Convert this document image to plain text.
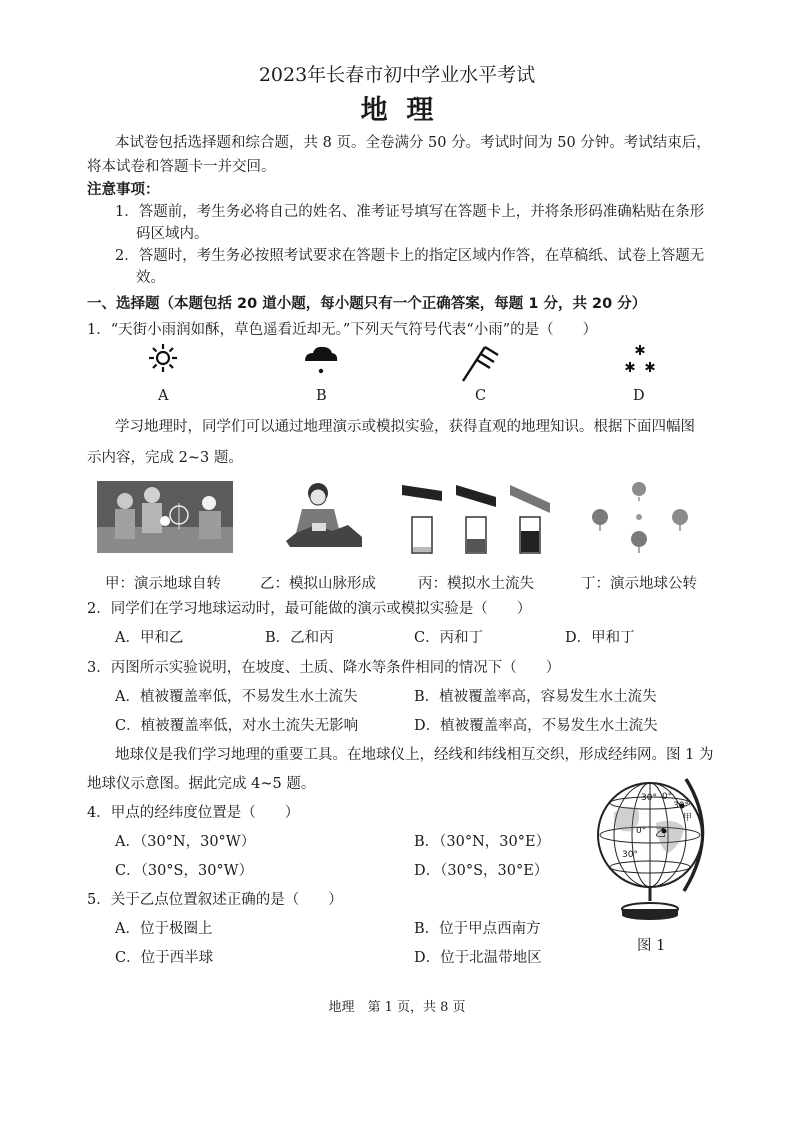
2023年长春市初中学业水平考试
地  理
本试卷包括选择题和综合题，共 8 页。全卷满分 50 分。考试时间为 50 分钟。考试结束后，
将本试卷和答题卡一并交回。
注意事项：
1．答题前，考生务必将自己的姓名、准考证号填写在答题卡上，并将条形码准确粘贴在条形
码区域内。
2．答题时，考生务必按照考试要求在答题卡上的指定区域内作答，在草稿纸、试卷上答题无
效。
一、选择题（本题包括 20 道小题，每小题只有一个正确答案，每题 1 分，共 20 分）
1．“天街小雨润如酥，草色遥看近却无。”下列天气符号代表“小雨”的是（　　）
A	B	C	D
学习地理时，同学们可以通过地理演示或模拟实验，获得直观的地理知识。根据下面四幅图
示内容，完成 2~3 题。
甲：演示地球自转	乙：模拟山脉形成	丙：模拟水土流失	丁：演示地球公转
2．同学们在学习地球运动时，最可能做的演示或模拟实验是（　　）
A．甲和乙	B．乙和丙	C．丙和丁	D．甲和丁
3．丙图所示实验说明，在坡度、土质、降水等条件相同的情况下（　　）
A．植被覆盖率低，不易发生水土流失	B．植被覆盖率高，容易发生水土流失
C．植被覆盖率低，对水土流失无影响	D．植被覆盖率高，不易发生水土流失
地球仪是我们学习地理的重要工具。在地球仪上，经线和纬线相互交织，形成经纬网。图 1 为
地球仪示意图。据此完成 4~5 题。
4．甲点的经纬度位置是（　　）
A．（30°N，30°W）	B．（30°N，30°E）
C．（30°S，30°W）	D．（30°S，30°E）
5．关于乙点位置叙述正确的是（　　）
A．位于极圈上	B．位于甲点西南方
C．位于西半球	D．位于北温带地区
30° 0°
30°
0° 乙
甲
30°
图 1
地理　第 1 页，共 8 页
